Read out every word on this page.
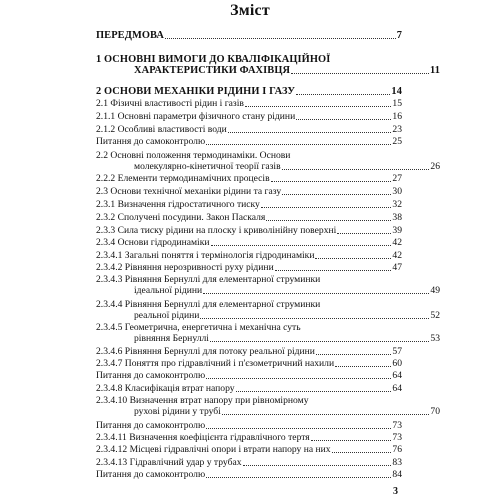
Зміст
ПЕРЕДМОВА	7
1 ОСНОВНІ ВИМОГИ ДО КВАЛІФІКАЦІЙНОЇ
ХАРАКТЕРИСТИКИ ФАХІВЦЯ	11
2 ОСНОВИ МЕХАНІКИ РІДИНИ І ГАЗУ	14
2.1 Фізичні властивості рідин і газів	15
2.1.1 Основні параметри фізичного стану рідини	16
2.1.2 Особливі властивості води	23
Питання до самоконтролю	25
2.2 Основні положення термодинаміки. Основи
молекулярно-кінетичної теорії газів	26
2.2.2 Елементи термодинамічних процесів	27
2.3 Основи технічної механіки рідини та газу	30
2.3.1 Визначення гідростатичного тиску	32
2.3.2 Сполучені посудини. Закон Паскаля	38
2.3.3 Сила тиску рідини на плоску і криволінійну поверхні	39
2.3.4 Основи гідродинаміки	42
2.3.4.1 Загальні поняття і термінологія гідродинаміки	42
2.3.4.2 Рівняння нерозривності руху рідини	47
2.3.4.3 Рівняння Бернуллі для елементарної струминки
ідеальної рідини	49
2.3.4.4 Рівняння Бернуллі для елементарної струминки
реальної рідини	52
2.3.4.5 Геометрична, енергетична і механічна суть
рівняння Бернуллі	53
2.3.4.6 Рівняння Бернуллі для потоку реальної рідини	57
2.3.4.7 Поняття про гідравлічний і п'єзометричний нахили	60
Питання до самоконтролю	64
2.3.4.8 Класифікація втрат напору	64
2.3.4.10 Визначення втрат напору при рівномірному
руховi рідини у трубі	70
Питання до самоконтролю	73
2.3.4.11 Визначення коефіцієнта гідравлічного тертя	73
2.3.4.12 Місцеві гідравлічні опори і втрати напору на них	76
2.3.4.13 Гідравлічний удар у трубах	83
Питання до самоконтролю	84
3
